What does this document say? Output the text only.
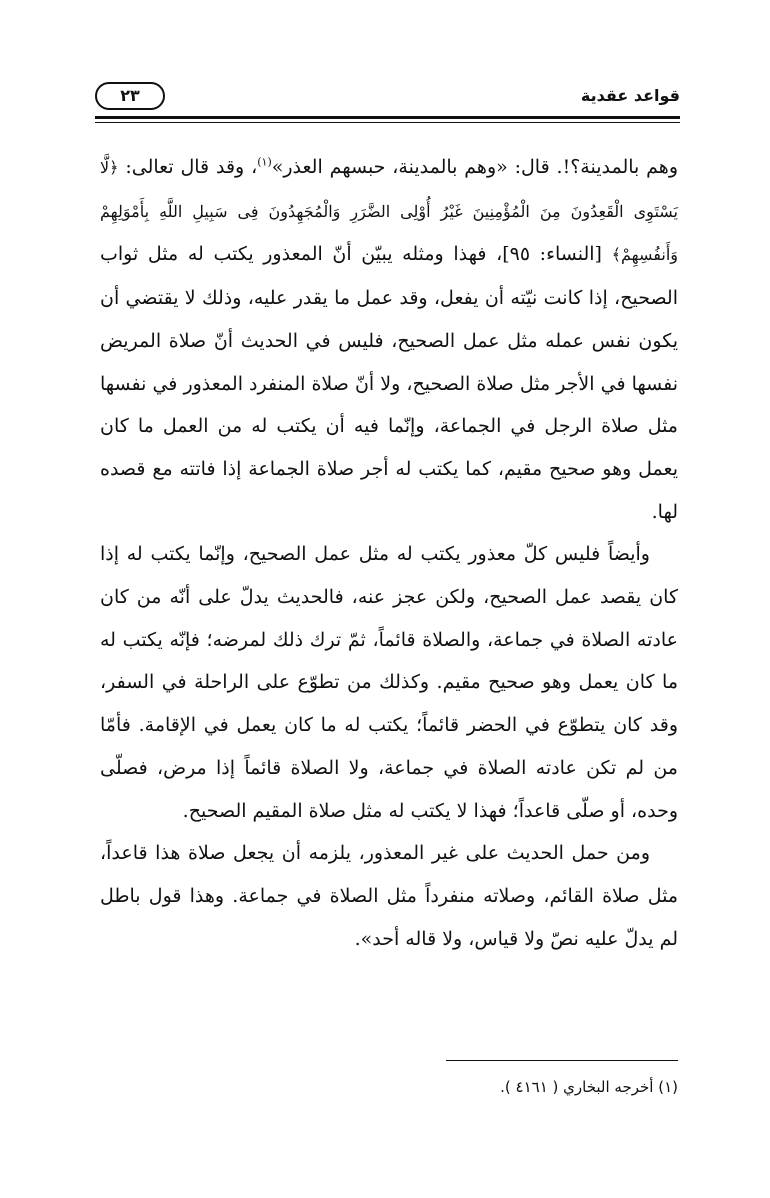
قواعد عقدية
٢٣

وهم بالمدينة؟!. قال: «وهم بالمدينة، حبسهم العذر»$^{(١)}$، وقد قال تعالى: ﴿لَّا يَسْتَوِى الْقَعِدُونَ مِنَ الْمُؤْمِنِينَ غَيْرُ أُوْلِى الضَّرَرِ وَالْمُجَهِدُونَ فِى سَبِيلِ اللَّهِ بِأَمْوَلِهِمْ وَأَنفُسِهِمْ﴾ [النساء: ٩٥]، فهذا ومثله يبيّن أنّ المعذور يكتب له مثل ثواب الصحيح، إذا كانت نيّته أن يفعل، وقد عمل ما يقدر عليه، وذلك لا يقتضي أن يكون نفس عمله مثل عمل الصحيح، فليس في الحديث أنّ صلاة المريض نفسها في الأجر مثل صلاة الصحيح، ولا أنّ صلاة المنفرد المعذور في نفسها مثل صلاة الرجل في الجماعة، وإنّما فيه أن يكتب له من العمل ما كان يعمل وهو صحيح مقيم، كما يكتب له أجر صلاة الجماعة إذا فاتته مع قصده لها.

وأيضاً فليس كلّ معذور يكتب له مثل عمل الصحيح، وإنّما يكتب له إذا كان يقصد عمل الصحيح، ولكن عجز عنه، فالحديث يدلّ على أنّه من كان عادته الصلاة في جماعة، والصلاة قائماً، ثمّ ترك ذلك لمرضه؛ فإنّه يكتب له ما كان يعمل وهو صحيح مقيم. وكذلك من تطوّع على الراحلة في السفر، وقد كان يتطوّع في الحضر قائماً؛ يكتب له ما كان يعمل في الإقامة. فأمّا من لم تكن عادته الصلاة في جماعة، ولا الصلاة قائماً إذا مرض، فصلّى وحده، أو صلّى قاعداً؛ فهذا لا يكتب له مثل صلاة المقيم الصحيح.

ومن حمل الحديث على غير المعذور، يلزمه أن يجعل صلاة هذا قاعداً، مثل صلاة القائم، وصلاته منفرداً مثل الصلاة في جماعة. وهذا قول باطل لم يدلّ عليه نصّ ولا قياس، ولا قاله أحد».

(١) أخرجه البخاري ( ٤١٦١ ).
